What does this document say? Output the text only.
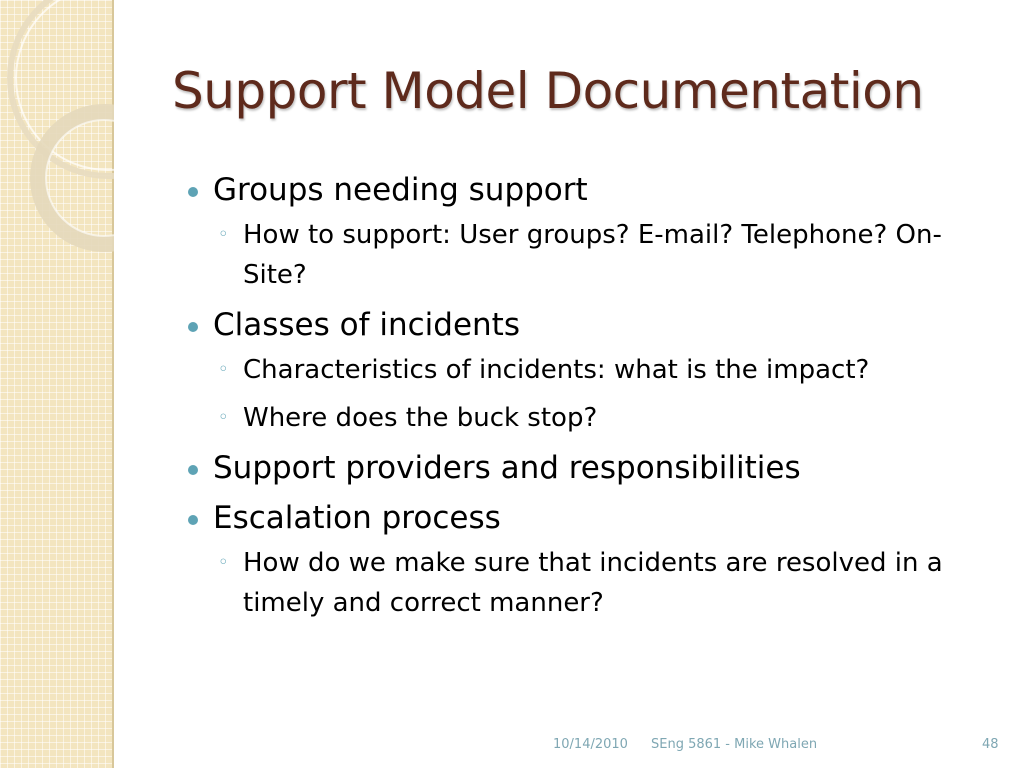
Support Model Documentation
Groups needing support
◦ How to support: User groups? E-mail? Telephone? On-Site?
Classes of incidents
◦ Characteristics of incidents: what is the impact?
◦ Where does the buck stop?
Support providers and responsibilities
Escalation process
◦ How do we make sure that incidents are resolved in a timely and correct manner?
10/14/2010 SEng 5861 - Mike Whalen	48
